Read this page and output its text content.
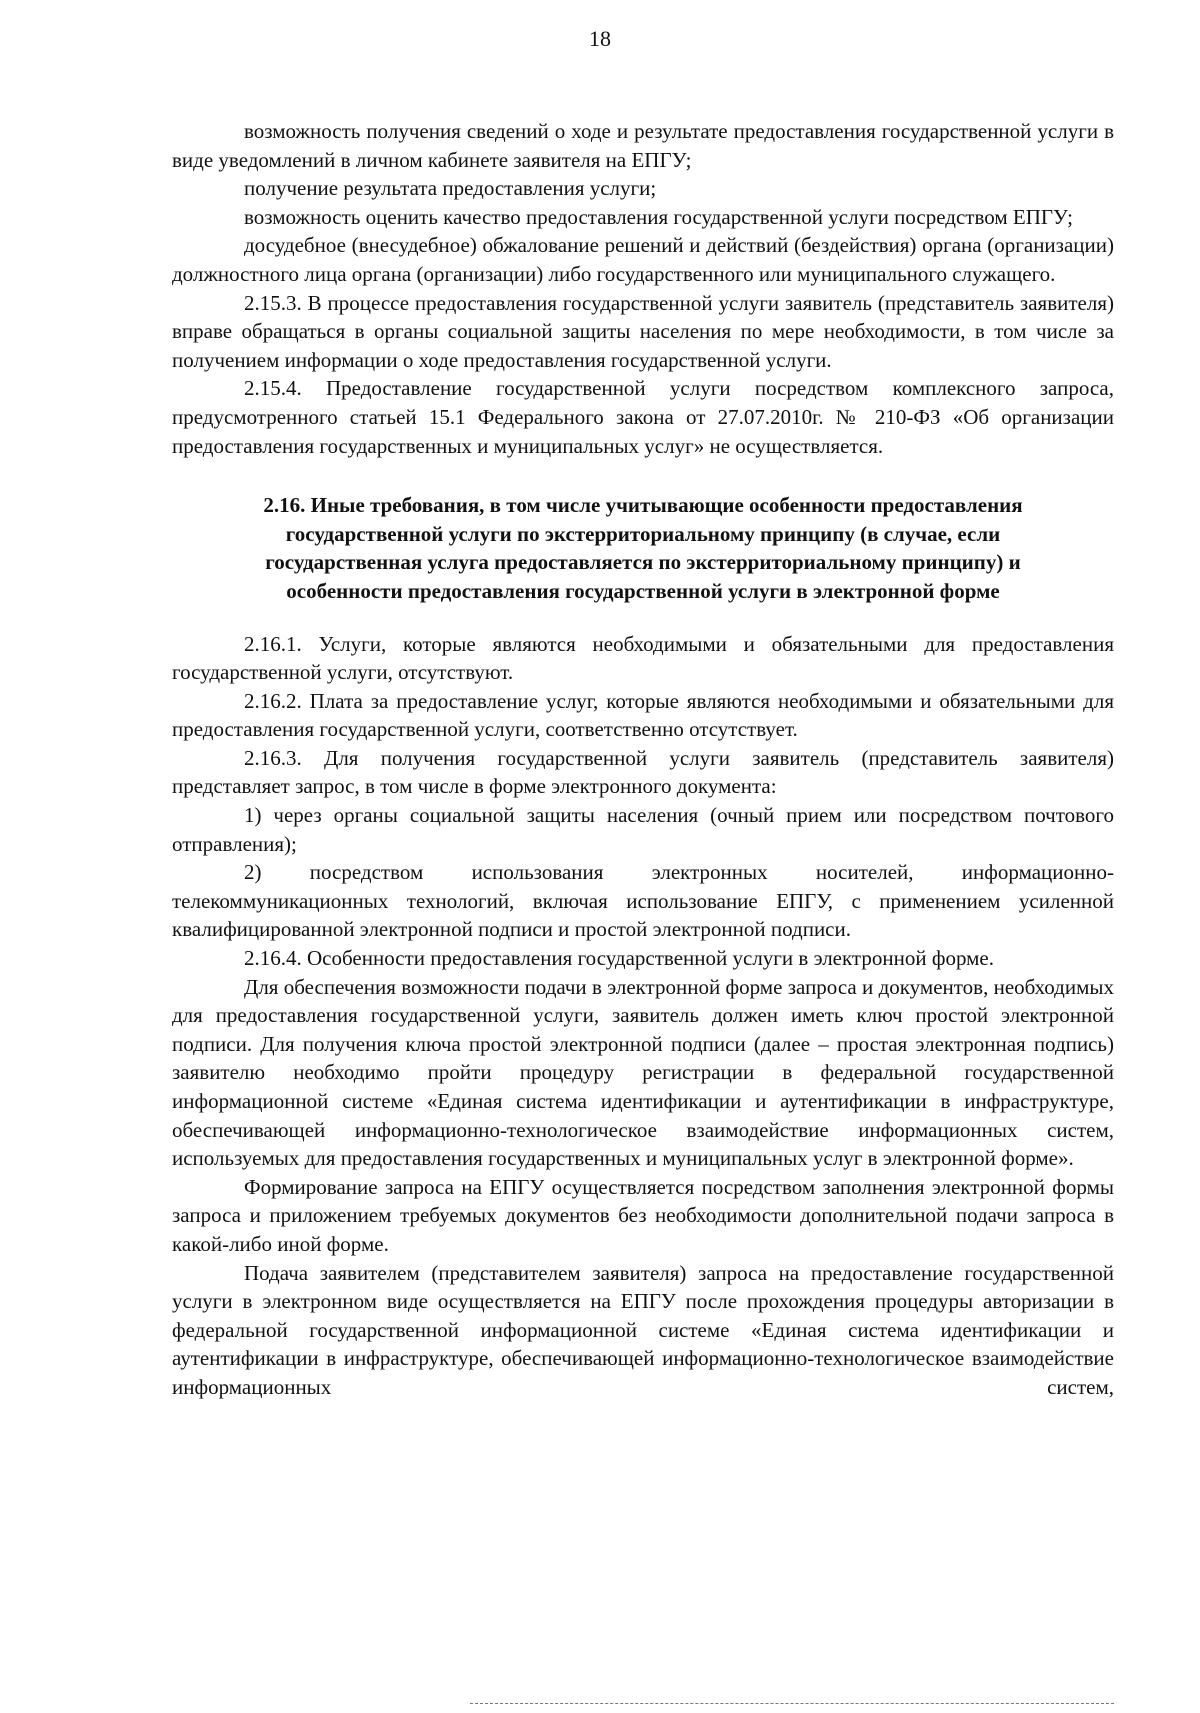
18

возможность получения сведений о ходе и результате предоставления государственной услуги в виде уведомлений в личном кабинете заявителя на ЕПГУ;

получение результата предоставления услуги;

возможность оценить качество предоставления государственной услуги посредством ЕПГУ;

досудебное (внесудебное) обжалование решений и действий (бездействия) органа (организации) должностного лица органа (организации) либо государственного или муниципального служащего.

2.15.3. В процессе предоставления государственной услуги заявитель (представитель заявителя) вправе обращаться в органы социальной защиты населения по мере необходимости, в том числе за получением информации о ходе предоставления государственной услуги.

2.15.4. Предоставление государственной услуги посредством комплексного запроса, предусмотренного статьей 15.1 Федерального закона от 27.07.2010г. № 210-ФЗ «Об организации предоставления государственных и муниципальных услуг» не осуществляется.

2.16. Иные требования, в том числе учитывающие особенности предоставления
государственной услуги по экстерриториальному принципу (в случае, если
государственная услуга предоставляется по экстерриториальному принципу) и
особенности предоставления государственной услуги в электронной форме

2.16.1. Услуги, которые являются необходимыми и обязательными для предоставления государственной услуги, отсутствуют.

2.16.2. Плата за предоставление услуг, которые являются необходимыми и обязательными для предоставления государственной услуги, соответственно отсутствует.

2.16.3. Для получения государственной услуги заявитель (представитель заявителя) представляет запрос, в том числе в форме электронного документа:

1) через органы социальной защиты населения (очный прием или посредством почтового отправления);

2) посредством использования электронных носителей, информационно-телекоммуникационных технологий, включая использование ЕПГУ, с применением усиленной квалифицированной электронной подписи и простой электронной подписи.

2.16.4. Особенности предоставления государственной услуги в электронной форме.

Для обеспечения возможности подачи в электронной форме запроса и документов, необходимых для предоставления государственной услуги, заявитель должен иметь ключ простой электронной подписи. Для получения ключа простой электронной подписи (далее – простая электронная подпись) заявителю необходимо пройти процедуру регистрации в федеральной государственной информационной системе «Единая система идентификации и аутентификации в инфраструктуре, обеспечивающей информационно-технологическое взаимодействие информационных систем, используемых для предоставления государственных и муниципальных услуг в электронной форме».

Формирование запроса на ЕПГУ осуществляется посредством заполнения электронной формы запроса и приложением требуемых документов без необходимости дополнительной подачи запроса в какой-либо иной форме.

Подача заявителем (представителем заявителя) запроса на предоставление государственной услуги в электронном виде осуществляется на ЕПГУ после прохождения процедуры авторизации в федеральной государственной информационной системе «Единая система идентификации и аутентификации в инфраструктуре, обеспечивающей информационно-технологическое взаимодействие информационных систем,
